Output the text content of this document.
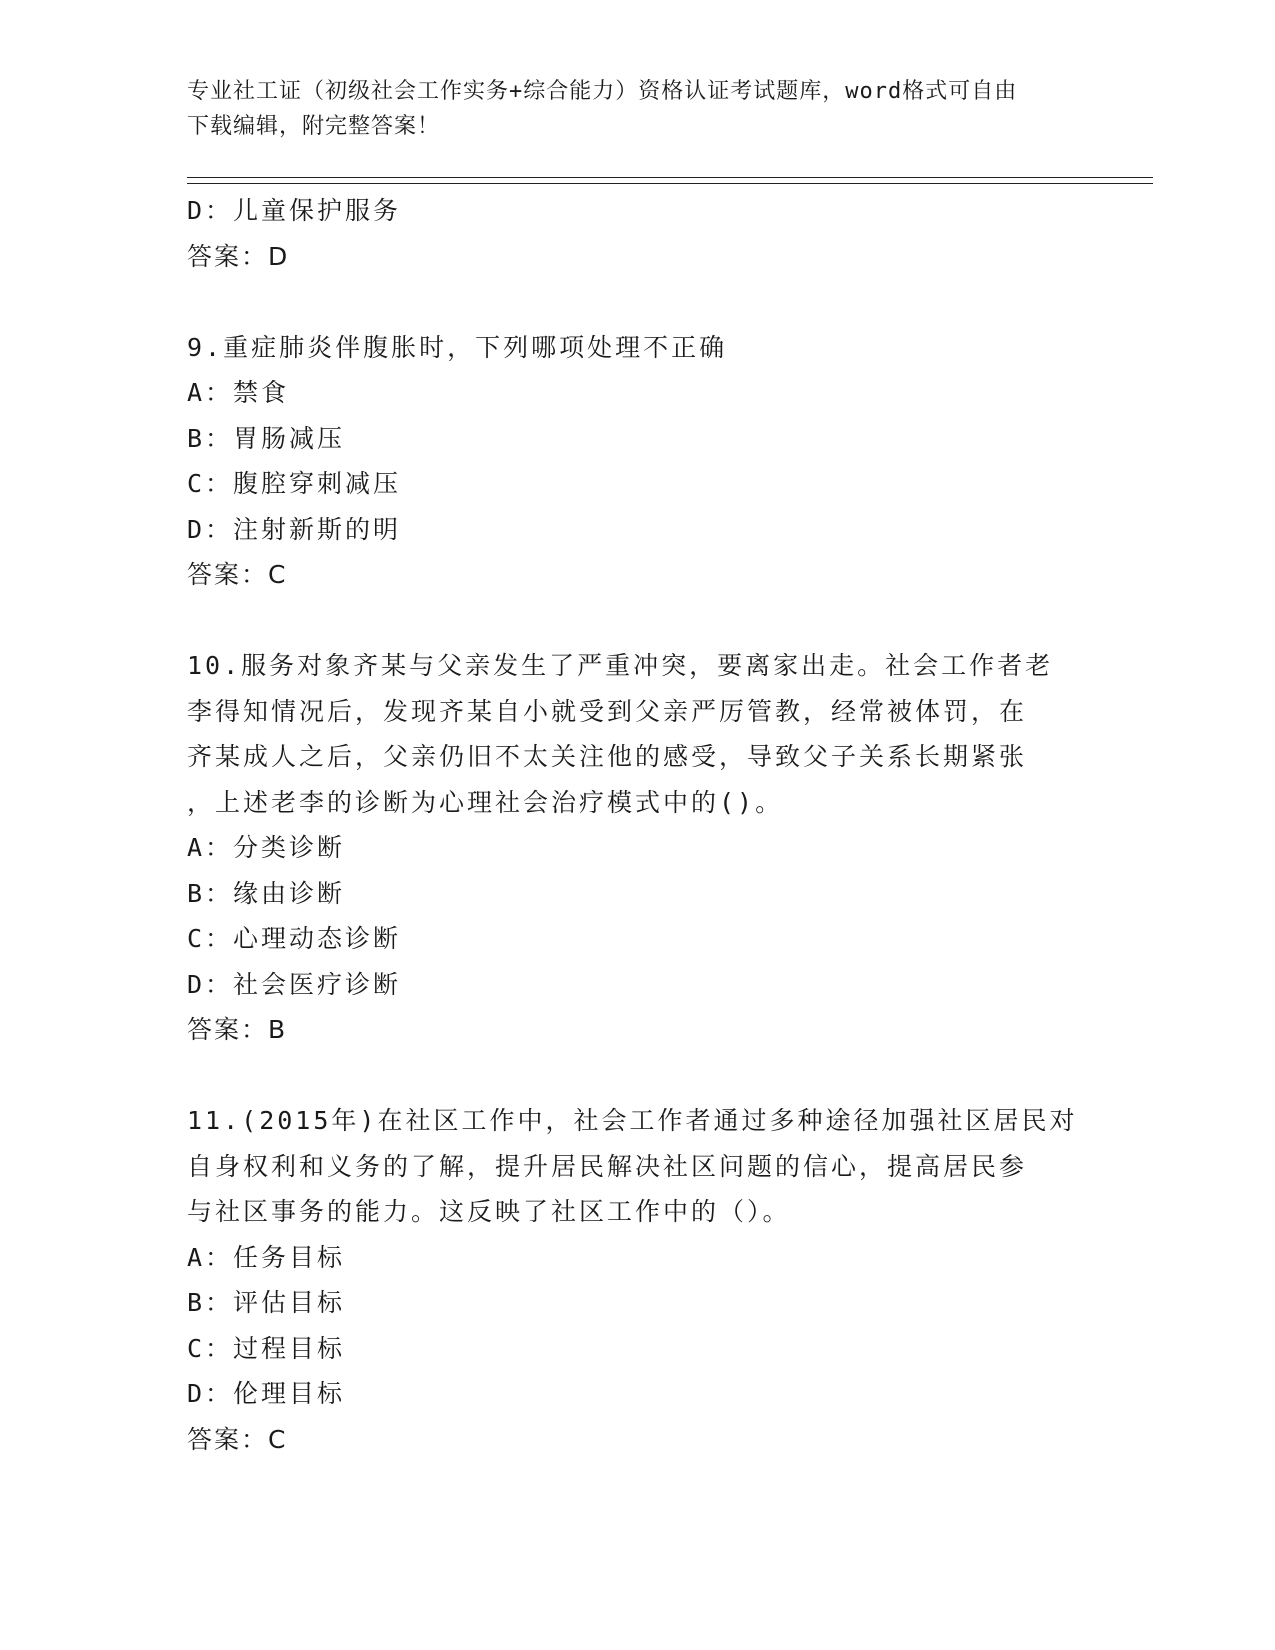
专业社工证（初级社会工作实务+综合能力）资格认证考试题库，word格式可自由
下载编辑，附完整答案！
D：儿童保护服务
答案：D
9.重症肺炎伴腹胀时，下列哪项处理不正确
A：禁食
B：胃肠减压
C：腹腔穿刺减压
D：注射新斯的明
答案：C
10.服务对象齐某与父亲发生了严重冲突，要离家出走。社会工作者老
李得知情况后，发现齐某自小就受到父亲严厉管教，经常被体罚，在
齐某成人之后，父亲仍旧不太关注他的感受，导致父子关系长期紧张
，上述老李的诊断为心理社会治疗模式中的()。
A：分类诊断
B：缘由诊断
C：心理动态诊断
D：社会医疗诊断
答案：B
11.(2015年)在社区工作中，社会工作者通过多种途径加强社区居民对
自身权利和义务的了解，提升居民解决社区问题的信心，提高居民参
与社区事务的能力。这反映了社区工作中的（）。
A：任务目标
B：评估目标
C：过程目标
D：伦理目标
答案：C
